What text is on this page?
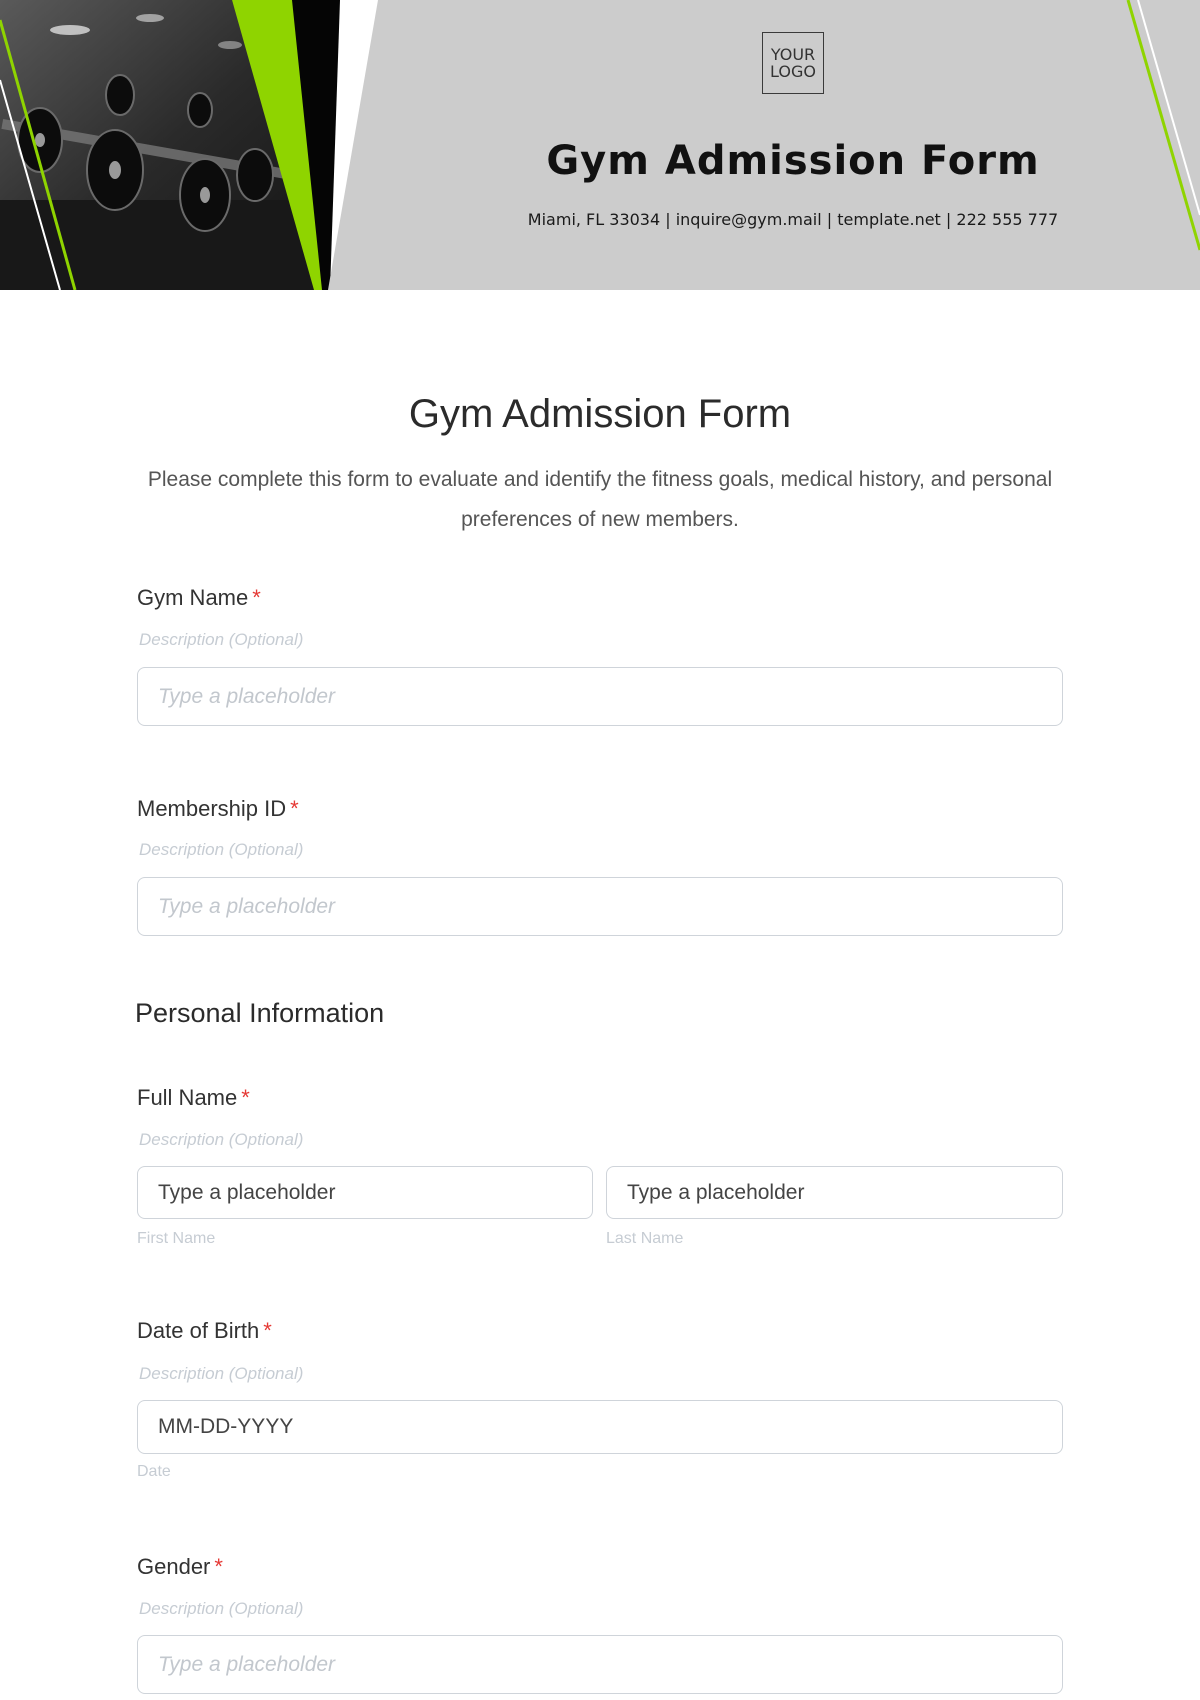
YOUR
LOGO
Gym Admission Form
Miami, FL 33034 | inquire@gym.mail | template.net | 222 555 777
Gym Admission Form
Please complete this form to evaluate and identify the fitness goals, medical history, and personal preferences of new members.
Gym Name *
Description (Optional)
Type a placeholder
Membership ID *
Description (Optional)
Type a placeholder
Personal Information
Full Name *
Description (Optional)
Type a placeholder
First Name
Type a placeholder
Last Name
Date of Birth *
Description (Optional)
MM-DD-YYYY
Date
Gender *
Description (Optional)
Type a placeholder
